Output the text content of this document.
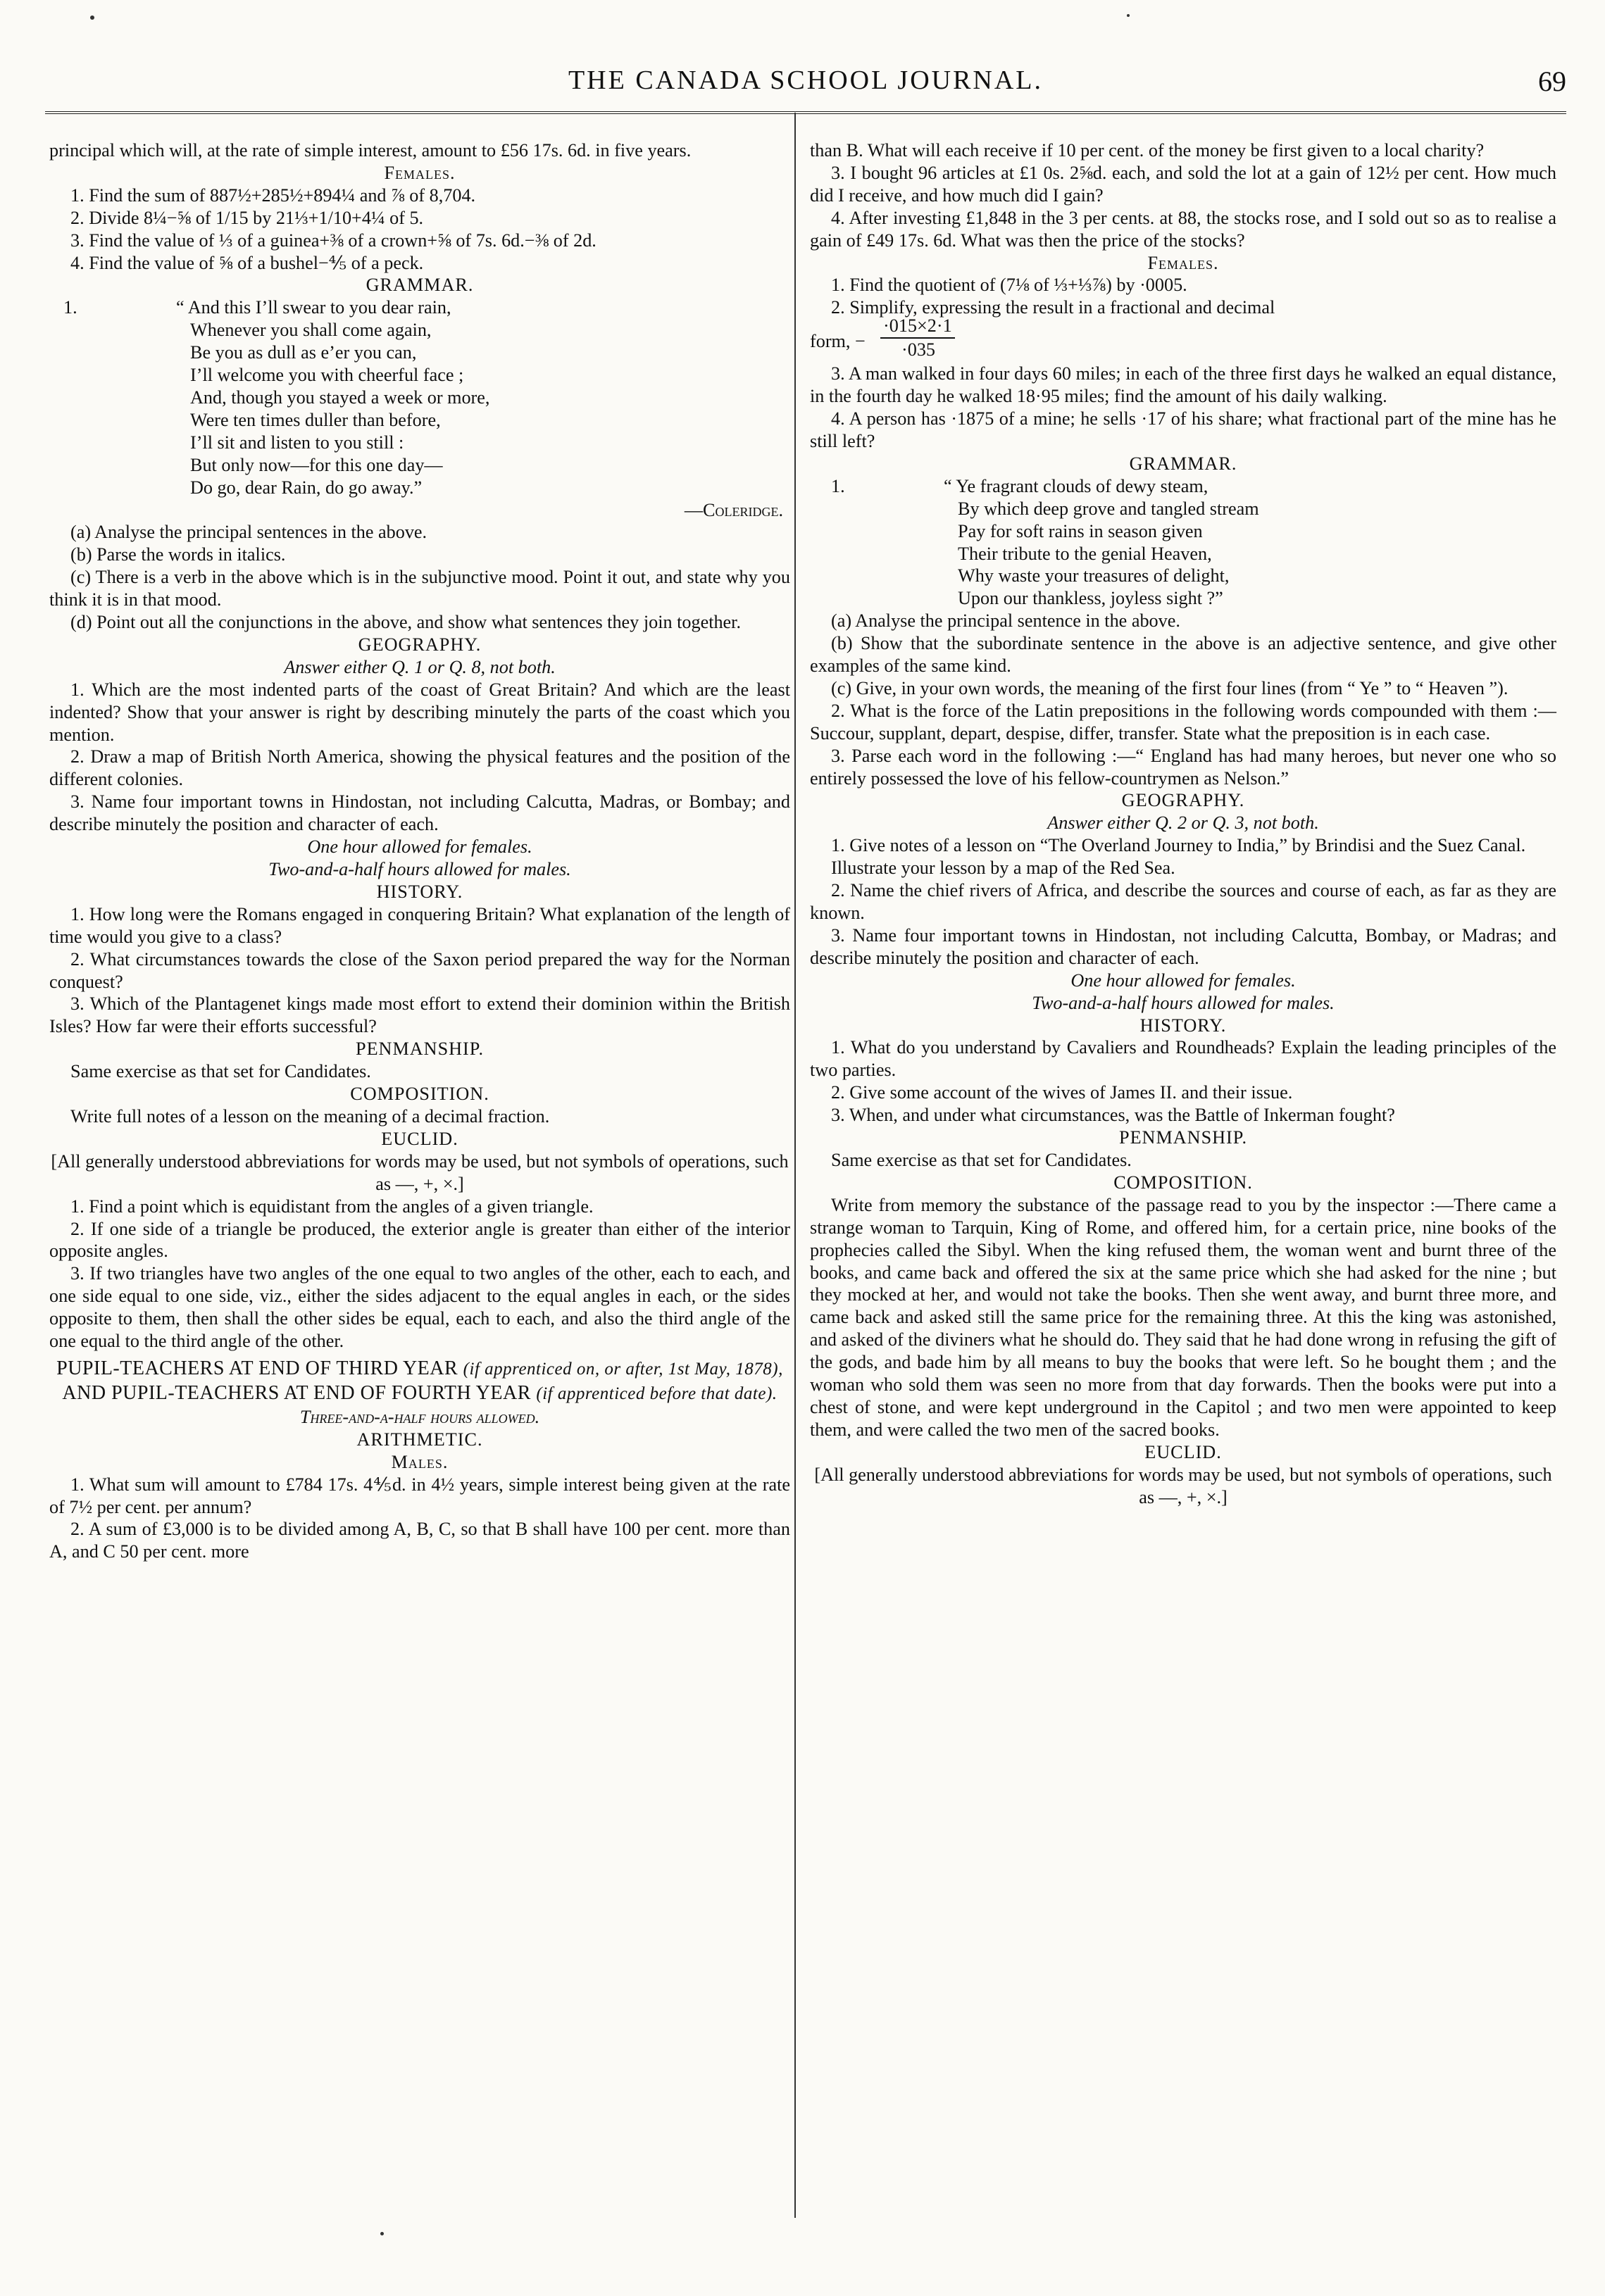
THE CANADA SCHOOL JOURNAL.	69

principal which will, at the rate of simple interest, amount to £56 17s. 6d. in five years.

Females.

1. Find the sum of 887½+285½+894¼ and ⅞ of 8,704.

2. Divide 8¼−⅝ of 1/15 by 21⅓+1/10+4¼ of 5.

3. Find the value of ⅓ of a guinea+⅜ of a crown+⅝ of 7s. 6d.−⅜ of 2d.

4. Find the value of ⅝ of a bushel−⅘ of a peck.

GRAMMAR.

1.	“ And this I’ll swear to you dear rain,

Whenever you shall come again,

Be you as dull as e’er you can,

I’ll welcome you with cheerful face ;

And, though you stayed a week or more,

Were ten times duller than before,

I’ll sit and listen to you still :

But only now—for this one day—

Do go, dear Rain, do go away.”

—Coleridge.

(a) Analyse the principal sentences in the above.

(b) Parse the words in italics.

(c) There is a verb in the above which is in the subjunctive mood. Point it out, and state why you think it is in that mood.

(d) Point out all the conjunctions in the above, and show what sentences they join together.

GEOGRAPHY.

Answer either Q. 1 or Q. 8, not both.

1. Which are the most indented parts of the coast of Great Britain? And which are the least indented? Show that your answer is right by describing minutely the parts of the coast which you mention.

2. Draw a map of British North America, showing the physical features and the position of the different colonies.

3. Name four important towns in Hindostan, not including Calcutta, Madras, or Bombay; and describe minutely the position and character of each.

One hour allowed for females.

Two-and-a-half hours allowed for males.

HISTORY.

1. How long were the Romans engaged in conquering Britain? What explanation of the length of time would you give to a class?

2. What circumstances towards the close of the Saxon period prepared the way for the Norman conquest?

3. Which of the Plantagenet kings made most effort to extend their dominion within the British Isles? How far were their efforts successful?

PENMANSHIP.

Same exercise as that set for Candidates.

COMPOSITION.

Write full notes of a lesson on the meaning of a decimal fraction.

EUCLID.

[All generally understood abbreviations for words may be used, but not symbols of operations, such as —, +, ×.]

1. Find a point which is equidistant from the angles of a given triangle.

2. If one side of a triangle be produced, the exterior angle is greater than either of the interior opposite angles.

3. If two triangles have two angles of the one equal to two angles of the other, each to each, and one side equal to one side, viz., either the sides adjacent to the equal angles in each, or the sides opposite to them, then shall the other sides be equal, each to each, and also the third angle of the one equal to the third angle of the other.

PUPIL-TEACHERS AT END OF THIRD YEAR (if apprenticed on, or after, 1st May, 1878), AND PUPIL-TEACHERS AT END OF FOURTH YEAR (if apprenticed before that date).

Three-and-a-half hours allowed.

ARITHMETIC.

Males.

1. What sum will amount to £784 17s. 4⅘d. in 4½ years, simple interest being given at the rate of 7½ per cent. per annum?

2. A sum of £3,000 is to be divided among A, B, C, so that B shall have 100 per cent. more than A, and C 50 per cent. more

than B. What will each receive if 10 per cent. of the money be first given to a local charity?

3. I bought 96 articles at £1 0s. 2⅝d. each, and sold the lot at a gain of 12½ per cent. How much did I receive, and how much did I gain?

4. After investing £1,848 in the 3 per cents. at 88, the stocks rose, and I sold out so as to realise a gain of £49 17s. 6d. What was then the price of the stocks?

Females.

1. Find the quotient of (7⅛ of ⅓+⅓⅞) by ·0005.

2. Simplify, expressing the result in a fractional and decimal

form, −
·015×2·1
·035

3. A man walked in four days 60 miles; in each of the three first days he walked an equal distance, in the fourth day he walked 18·95 miles; find the amount of his daily walking.

4. A person has ·1875 of a mine; he sells ·17 of his share; what fractional part of the mine has he still left?

GRAMMAR.

1.	“ Ye fragrant clouds of dewy steam,

By which deep grove and tangled stream

Pay for soft rains in season given

Their tribute to the genial Heaven,

Why waste your treasures of delight,

Upon our thankless, joyless sight ?”

(a) Analyse the principal sentence in the above.

(b) Show that the subordinate sentence in the above is an adjective sentence, and give other examples of the same kind.

(c) Give, in your own words, the meaning of the first four lines (from “ Ye ” to “ Heaven ”).

2. What is the force of the Latin prepositions in the following words compounded with them :—Succour, supplant, depart, despise, differ, transfer. State what the preposition is in each case.

3. Parse each word in the following :—“ England has had many heroes, but never one who so entirely possessed the love of his fellow-countrymen as Nelson.”

GEOGRAPHY.

Answer either Q. 2 or Q. 3, not both.

1. Give notes of a lesson on “The Overland Journey to India,” by Brindisi and the Suez Canal.

Illustrate your lesson by a map of the Red Sea.

2. Name the chief rivers of Africa, and describe the sources and course of each, as far as they are known.

3. Name four important towns in Hindostan, not including Calcutta, Bombay, or Madras; and describe minutely the position and character of each.

One hour allowed for females.

Two-and-a-half hours allowed for males.

HISTORY.

1. What do you understand by Cavaliers and Roundheads? Explain the leading principles of the two parties.

2. Give some account of the wives of James II. and their issue.

3. When, and under what circumstances, was the Battle of Inkerman fought?

PENMANSHIP.

Same exercise as that set for Candidates.

COMPOSITION.

Write from memory the substance of the passage read to you by the inspector :—There came a strange woman to Tarquin, King of Rome, and offered him, for a certain price, nine books of the prophecies called the Sibyl. When the king refused them, the woman went and burnt three of the books, and came back and offered the six at the same price which she had asked for the nine ; but they mocked at her, and would not take the books. Then she went away, and burnt three more, and came back and asked still the same price for the remaining three. At this the king was astonished, and asked of the diviners what he should do. They said that he had done wrong in refusing the gift of the gods, and bade him by all means to buy the books that were left. So he bought them ; and the woman who sold them was seen no more from that day forwards. Then the books were put into a chest of stone, and were kept underground in the Capitol ; and two men were appointed to keep them, and were called the two men of the sacred books.

EUCLID.

[All generally understood abbreviations for words may be used, but not symbols of operations, such as —, +, ×.]
